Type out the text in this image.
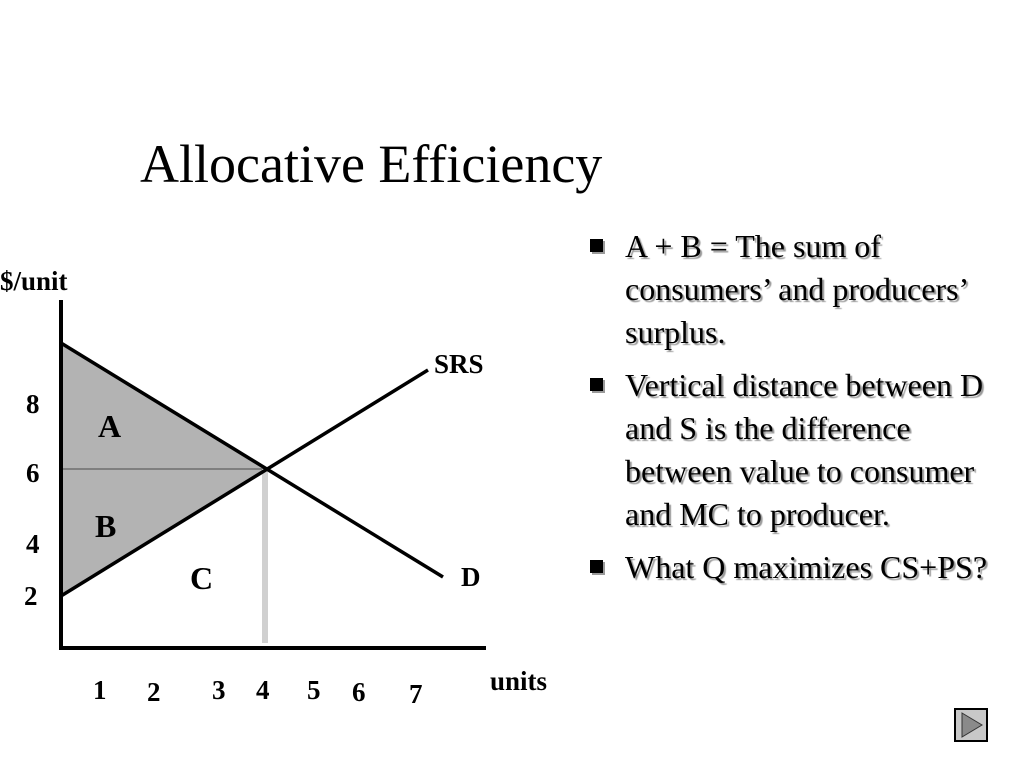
Allocative Efficiency
$/unit
units
SRS
D
A
B
C
8
6
4
2
1 2 3 4 5 6 7
A + B = The sum of consumers’ and producers’ surplus.
Vertical distance between D and S is the difference between value to consumer and MC to producer.
What Q maximizes CS+PS?
